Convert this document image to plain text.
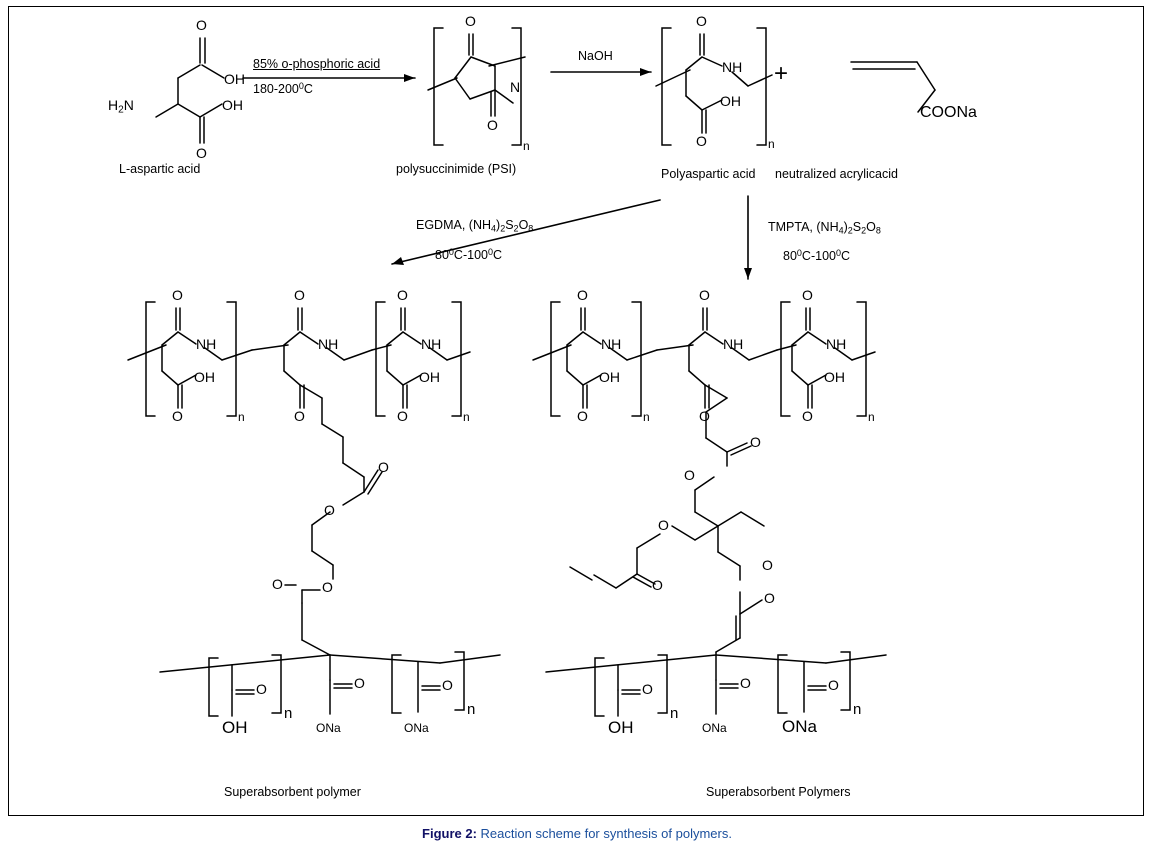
O
OH
$H_2N$
O
OH
85% o-phosphoric acid
$180-200^0C$
O
N
O
n
NaOH
O
NH
OH
O	n
+
COONa
L-aspartic acid	polysuccinimide (PSI)	Polyaspartic acid neutralized acrylicacid
EGDMA, $(NH_4)_2S_2O_8$
$80^0C-100^0C$
TMPTA, $(NH_4)_2S_2O_8$
$80^0C-100^0C$
O
NH
OH
O	n
O
NH
O
O
NH
OH
O	n
O
O
O
O
O
NH
OH
O	n
O
NH
O
O
NH
OH
O	n
O
O
O
O
O
O
O
OH
n
O
ONa
O
ONa
n
O
OH
n
O
ONa
O
ONa
n
Superabsorbent polymer	Superabsorbent Polymers
Figure 2: Reaction scheme for synthesis of polymers.
